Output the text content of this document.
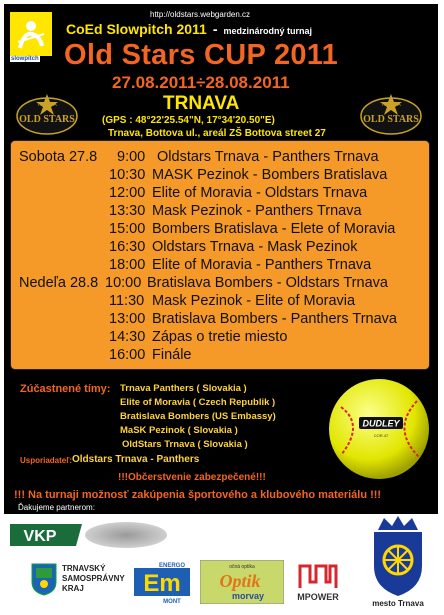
slowpitch
http://oldstars.webgarden.cz
CoEd Slowpitch 2011 - medzinárodný turnaj
Old Stars CUP 2011
27.08.2011÷28.08.2011
TRNAVA
(GPS : 48°22'25.54"N, 17°34'20.50"E)
Trnava, Bottova ul., areál ZŠ Bottova street 27
TRNAVA
OLD STARS
TRNAVA
OLD STARS
Sobota 27.8 9:00 Oldstars Trnava - Panthers Trnava
10:30 MASK Pezinok - Bombers Bratislava
12:00 Elite of Moravia - Oldstars Trnava
13:30 Mask Pezinok - Panthers Trnava
15:00 Bombers Bratislava - Elete of Moravia
16:30 Oldstars Trnava - Mask Pezinok
18:00 Elite of Moravia - Panthers Trnava
Nedeľa 28.8 10:00 Bratislava Bombers - Oldstars Trnava
11:30 Mask Pezinok - Elite of Moravia
13:00 Bratislava Bombers - Panthers Trnava
14:30 Zápas o tretie miesto
16:00 Finále
Zúčastnené tímy: Trnava Panthers ( Slovakia )
Elite of Moravia ( Czech Republik )
Bratislava Bombers (US Embassy)
MaSK Pezinok ( Slovakia )
OldStars Trnava ( Slovakia )
Usporiadateľ: Oldstars Trnava - Panthers
!!!Občerstvenie zabezpečené!!!
!!! Na turnaji možnosť zakúpenia športového a klubového materiálu !!!
Ďakujeme partnerom:
DUDLEY
COR.47
VKP
TRNAVSKÝ
SAMOSPRÁVNY
KRAJ
ENERGO
Em
MONT
očná optika
Optik
morvay	MPOWER
mesto Trnava
